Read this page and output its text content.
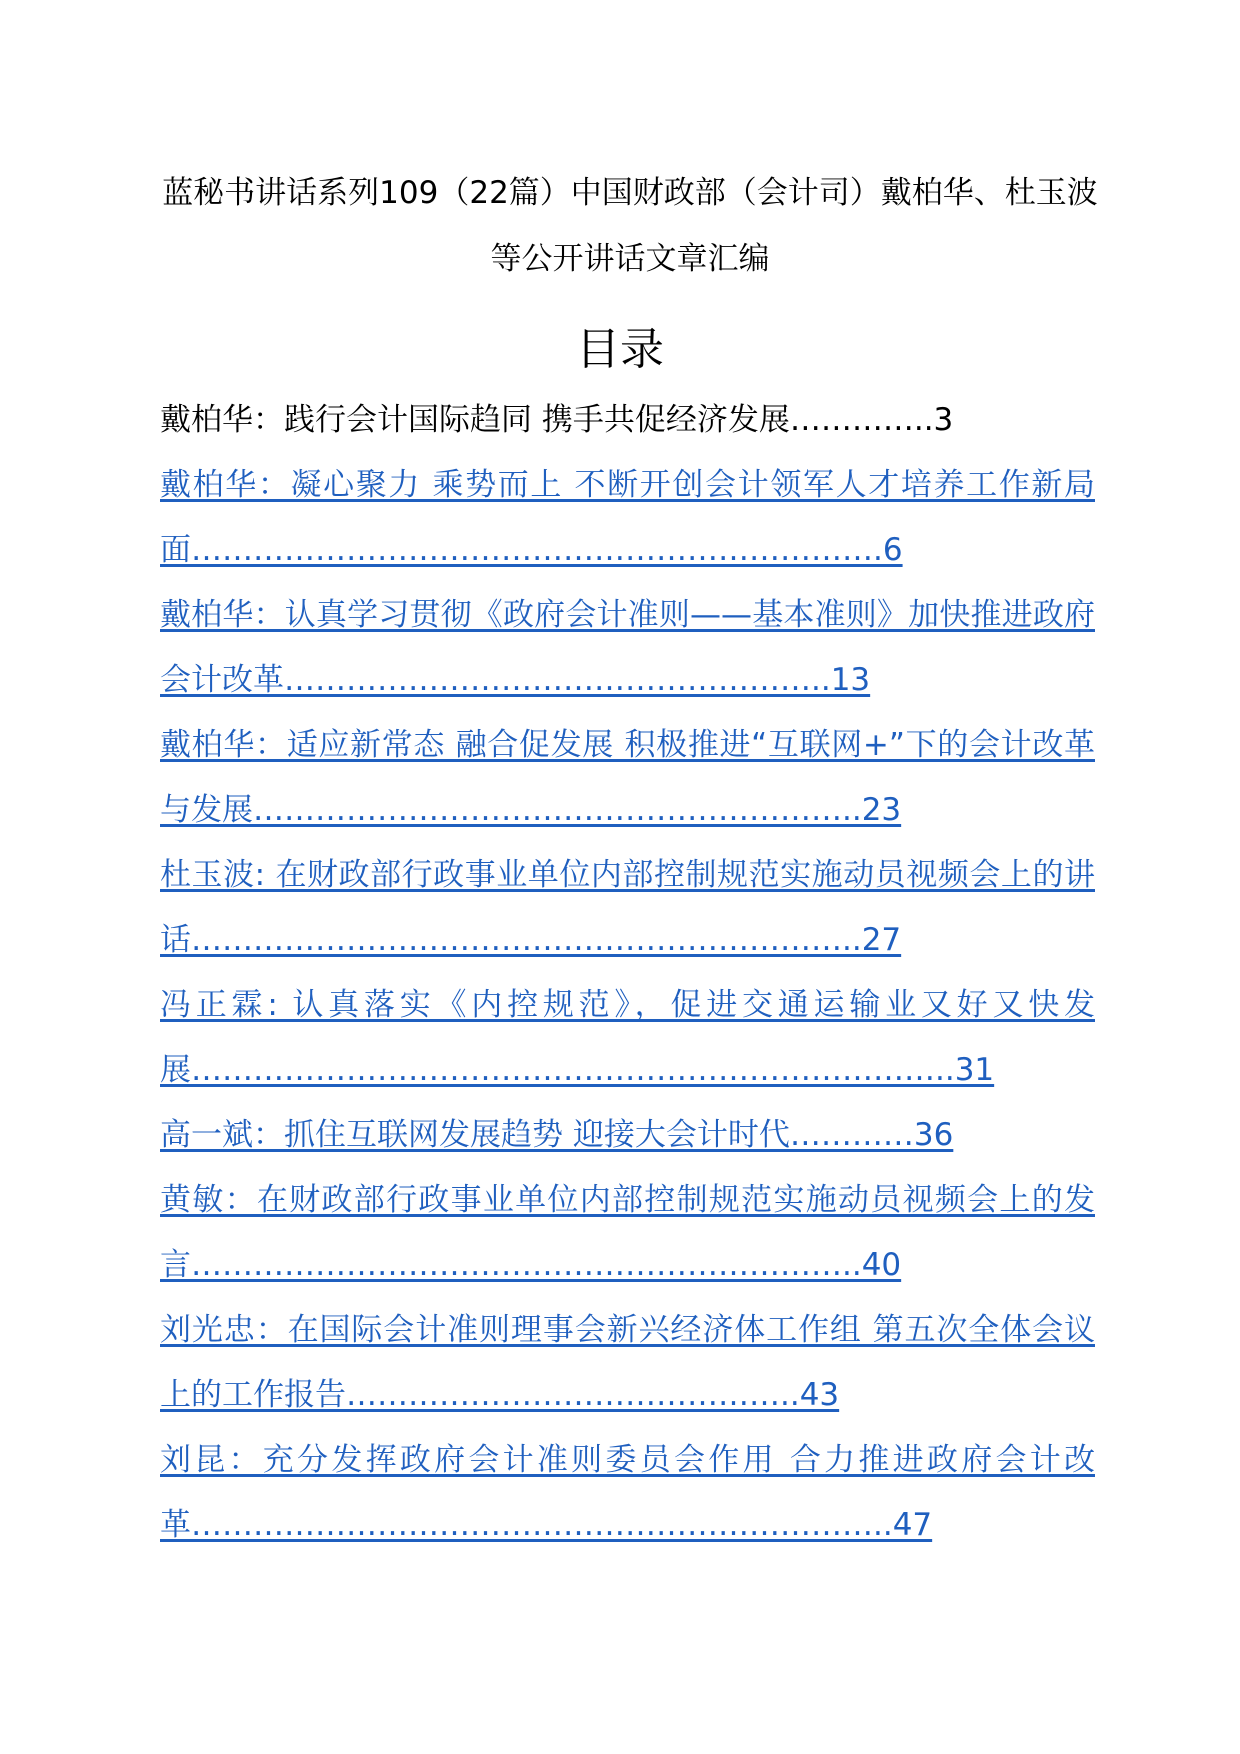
蓝秘书讲话系列109（22篇）中国财政部（会计司）戴柏华、杜玉波等公开讲话文章汇编
目录
戴柏华：践行会计国际趋同 携手共促经济发展…………..3
戴柏华：凝心聚力 乘势而上 不断开创会计领军人才培养工作新局面………………………………………………………….6
戴柏华：认真学习贯彻《政府会计准则——基本准则》加快推进政府会计改革……………………………………………..13
戴柏华：适应新常态 融合促发展 积极推进“互联网+”下的会计改革与发展…………………………………………………..23
杜玉波: 在财政部行政事业单位内部控制规范实施动员视频会上的讲话………………………………………………………..27
冯正霖: 认真落实《内控规范》，促进交通运输业又好又快发展………………………………………………………………..31
高一斌：抓住互联网发展趋势 迎接大会计时代…………36
黄敏：在财政部行政事业单位内部控制规范实施动员视频会上的发言………………………………………………………..40
刘光忠：在国际会计准则理事会新兴经济体工作组 第五次全体会议上的工作报告……………………………………..43
刘昆：充分发挥政府会计准则委员会作用 合力推进政府会计改革…………………………………………………………..47
